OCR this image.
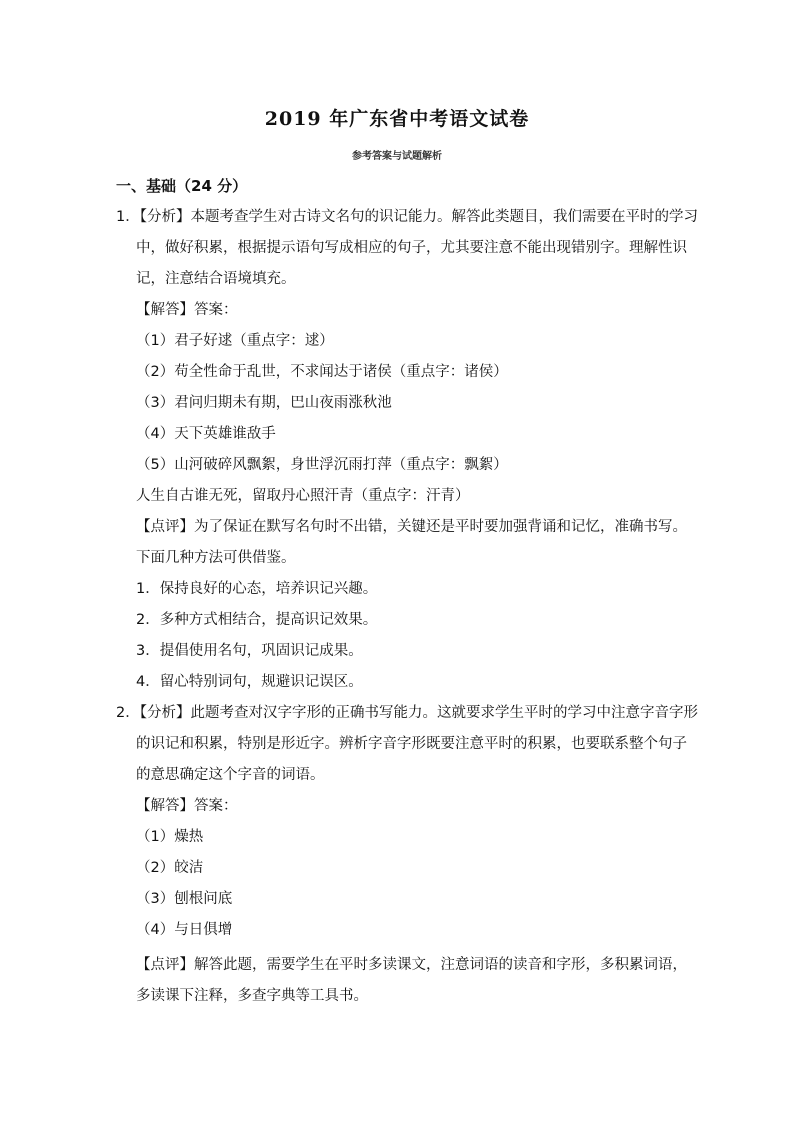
2019 年广东省中考语文试卷
参考答案与试题解析
一、基础（24 分）
1．【分析】本题考查学生对古诗文名句的识记能力。解答此类题目，我们需要在平时的学习
中，做好积累，根据提示语句写成相应的句子，尤其要注意不能出现错别字。理解性识
记，注意结合语境填充。
【解答】答案：
（1）君子好逑（重点字：逑）
（2）苟全性命于乱世，不求闻达于诸侯（重点字：诸侯）
（3）君问归期未有期，巴山夜雨涨秋池
（4）天下英雄谁敌手
（5）山河破碎风飘絮，身世浮沉雨打萍（重点字：飘絮）
人生自古谁无死，留取丹心照汗青（重点字：汗青）
【点评】为了保证在默写名句时不出错，关键还是平时要加强背诵和记忆，准确书写。
下面几种方法可供借鉴。
1．保持良好的心态，培养识记兴趣。
2．多种方式相结合，提高识记效果。
3．提倡使用名句，巩固识记成果。
4．留心特别词句，规避识记误区。
2．【分析】此题考查对汉字字形的正确书写能力。这就要求学生平时的学习中注意字音字形
的识记和积累，特别是形近字。辨析字音字形既要注意平时的积累，也要联系整个句子
的意思确定这个字音的词语。
【解答】答案：
（1）燥热
（2）皎洁
（3）刨根问底
（4）与日俱增
【点评】解答此题，需要学生在平时多读课文，注意词语的读音和字形，多积累词语，
多读课下注释，多查字典等工具书。
